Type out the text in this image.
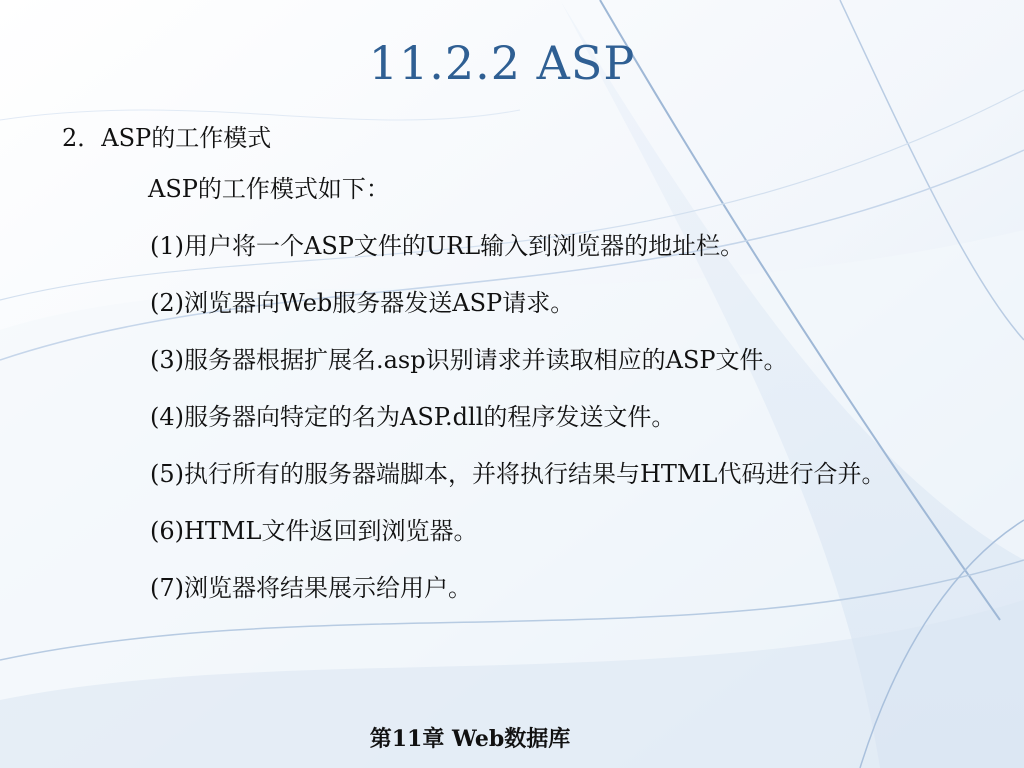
11.2.2 ASP

2．ASP的工作模式

ASP的工作模式如下：
(1)用户将一个ASP文件的URL输入到浏览器的地址栏。
(2)浏览器向Web服务器发送ASP请求。
(3)服务器根据扩展名.asp识别请求并读取相应的ASP文件。
(4)服务器向特定的名为ASP.dll的程序发送文件。
(5)执行所有的服务器端脚本，并将执行结果与HTML代码进行合并。
(6)HTML文件返回到浏览器。
(7)浏览器将结果展示给用户。

第11章 Web数据库
